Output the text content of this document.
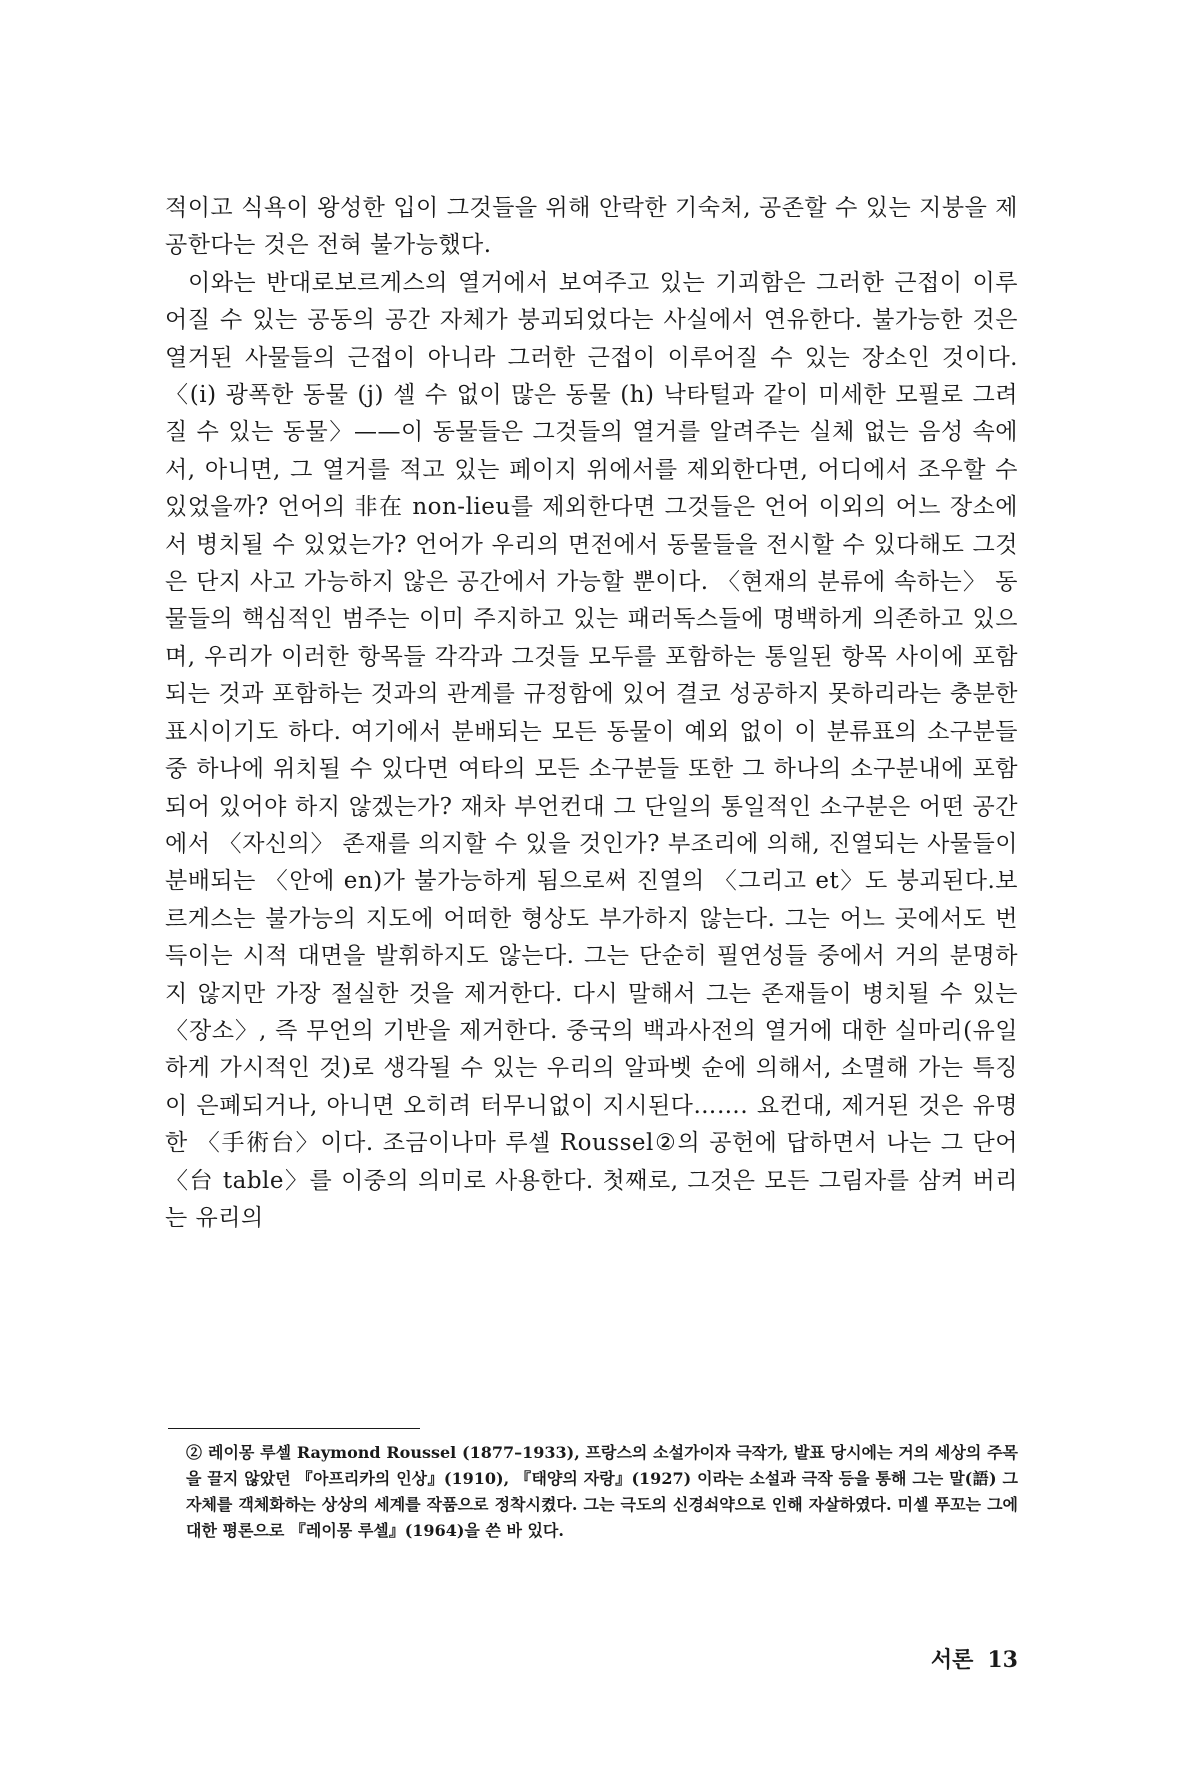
적이고 식욕이 왕성한 입이 그것들을 위해 안락한 기숙처, 공존할 수 있는 지붕을 제공한다는 것은 전혀 불가능했다.

이와는 반대로보르게스의 열거에서 보여주고 있는 기괴함은 그러한 근접이 이루어질 수 있는 공동의 공간 자체가 붕괴되었다는 사실에서 연유한다. 불가능한 것은 열거된 사물들의 근접이 아니라 그러한 근접이 이루어질 수 있는 장소인 것이다. 〈(i) 광폭한 동물 (j) 셀 수 없이 많은 동물 (h) 낙타털과 같이 미세한 모필로 그려질 수 있는 동물〉——이 동물들은 그것들의 열거를 알려주는 실체 없는 음성 속에서, 아니면, 그 열거를 적고 있는 페이지 위에서를 제외한다면, 어디에서 조우할 수 있었을까? 언어의 非在 non-lieu를 제외한다면 그것들은 언어 이외의 어느 장소에서 병치될 수 있었는가? 언어가 우리의 면전에서 동물들을 전시할 수 있다해도 그것은 단지 사고 가능하지 않은 공간에서 가능할 뿐이다. 〈현재의 분류에 속하는〉 동물들의 핵심적인 범주는 이미 주지하고 있는 패러독스들에 명백하게 의존하고 있으며, 우리가 이러한 항목들 각각과 그것들 모두를 포함하는 통일된 항목 사이에 포함되는 것과 포함하는 것과의 관계를 규정함에 있어 결코 성공하지 못하리라는 충분한 표시이기도 하다. 여기에서 분배되는 모든 동물이 예외 없이 이 분류표의 소구분들 중 하나에 위치될 수 있다면 여타의 모든 소구분들 또한 그 하나의 소구분내에 포함되어 있어야 하지 않겠는가? 재차 부언컨대 그 단일의 통일적인 소구분은 어떤 공간에서 〈자신의〉 존재를 의지할 수 있을 것인가? 부조리에 의해, 진열되는 사물들이 분배되는 〈안에 en)가 불가능하게 됨으로써 진열의 〈그리고 et〉도 붕괴된다.보르게스는 불가능의 지도에 어떠한 형상도 부가하지 않는다. 그는 어느 곳에서도 번득이는 시적 대면을 발휘하지도 않는다. 그는 단순히 필연성들 중에서 거의 분명하지 않지만 가장 절실한 것을 제거한다. 다시 말해서 그는 존재들이 병치될 수 있는 〈장소〉, 즉 무언의 기반을 제거한다. 중국의 백과사전의 열거에 대한 실마리(유일하게 가시적인 것)로 생각될 수 있는 우리의 알파벳 순에 의해서, 소멸해 가는 특징이 은폐되거나, 아니면 오히려 터무니없이 지시된다……. 요컨대, 제거된 것은 유명한 〈手術台〉이다. 조금이나마 루셀 Roussel②의 공헌에 답하면서 나는 그 단어 〈台 table〉를 이중의 의미로 사용한다. 첫째로, 그것은 모든 그림자를 삼켜 버리는 유리의

② 레이몽 루셀 Raymond Roussel (1877–1933), 프랑스의 소설가이자 극작가, 발표 당시에는 거의 세상의 주목을 끌지 않았던 『아프리카의 인상』(1910), 『태양의 자랑』(1927) 이라는 소설과 극작 등을 통해 그는 말(語) 그 자체를 객체화하는 상상의 세계를 작품으로 정착시켰다. 그는 극도의 신경쇠약으로 인해 자살하였다. 미셀 푸꼬는 그에 대한 평론으로 『레이몽 루셀』(1964)을 쓴 바 있다.

서론 13
